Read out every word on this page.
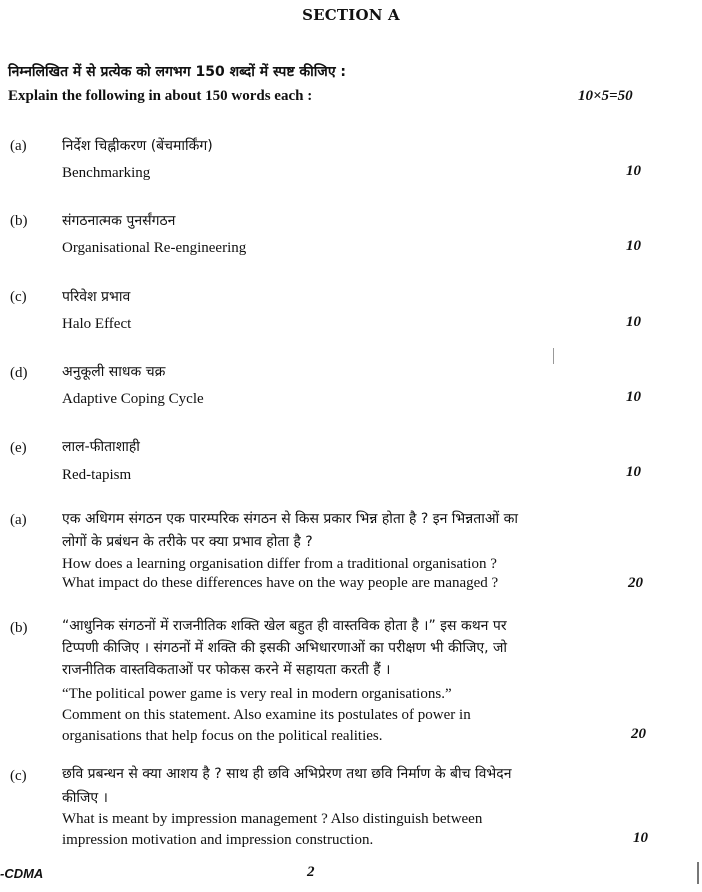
SECTION A
निम्नलिखित में से प्रत्येक को लगभग 150 शब्दों में स्पष्ट कीजिए :
Explain the following in about 150 words each :	10×5=50
(a)	निर्देश चिह्नीकरण (बेंचमार्किंग)
Benchmarking	10
(b) संगठनात्मक पुनर्संगठन
Organisational Re-engineering	10
(c)	परिवेश प्रभाव
Halo Effect	10
(d) अनुकूली साधक चक्र
Adaptive Coping Cycle	10
(e)	लाल-फीताशाही
Red-tapism	10
(a)	एक अधिगम संगठन एक पारम्परिक संगठन से किस प्रकार भिन्न होता है ? इन भिन्नताओं का
लोगों के प्रबंधन के तरीके पर क्या प्रभाव होता है ?
How does a learning organisation differ from a traditional organisation ?
What impact do these differences have on the way people are managed ?	20
(b) “आधुनिक संगठनों में राजनीतिक शक्ति खेल बहुत ही वास्तविक होता है ।” इस कथन पर
टिप्पणी कीजिए । संगठनों में शक्ति की इसकी अभिधारणाओं का परीक्षण भी कीजिए, जो
राजनीतिक वास्तविकताओं पर फोकस करने में सहायता करती हैं ।
“The political power game is very real in modern organisations.”
Comment on this statement. Also examine its postulates of power in
organisations that help focus on the political realities.	20
(c)	छवि प्रबन्धन से क्या आशय है ? साथ ही छवि अभिप्रेरण तथा छवि निर्माण के बीच विभेदन
कीजिए ।
What is meant by impression management ? Also distinguish between
impression motivation and impression construction.	10
-CDMA	2
